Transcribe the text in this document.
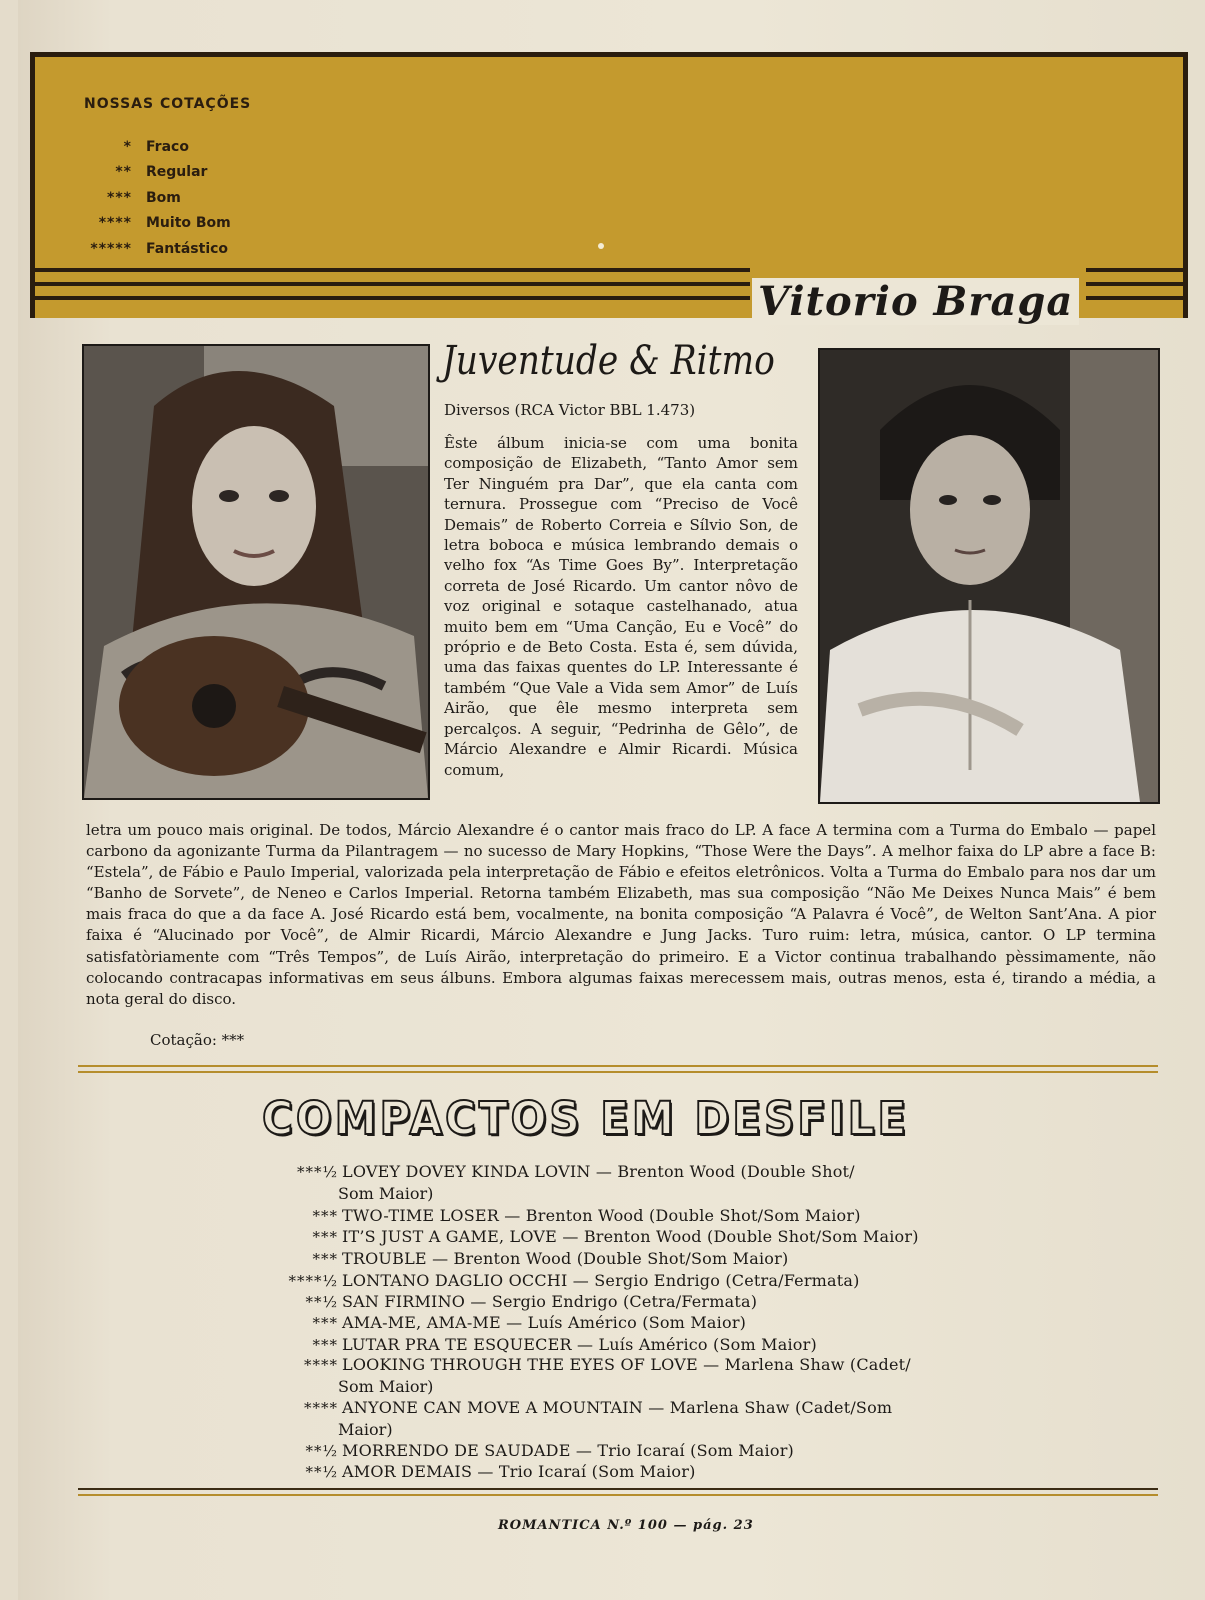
NOSSAS COTAÇÕES
* Fraco
** Regular
*** Bom
**** Muito Bom
***** Fantástico
Vitorio Braga
Juventude & Ritmo
Diversos (RCA Victor BBL 1.473)

Êste álbum inicia-se com uma bonita composição de Elizabeth, “Tanto Amor sem Ter Ninguém pra Dar”, que ela canta com ternura. Prossegue com “Preciso de Você Demais” de Roberto Correia e Sílvio Son, de letra boboca e música lembrando demais o velho fox “As Time Goes By”. Interpretação correta de José Ricardo. Um cantor nôvo de voz original e sotaque castelhanado, atua muito bem em “Uma Canção, Eu e Você” do próprio e de Beto Costa. Esta é, sem dúvida, uma das faixas quentes do LP. Interessante é também “Que Vale a Vida sem Amor” de Luís Airão, que êle mesmo interpreta sem percalços. A seguir, “Pedrinha de Gêlo”, de Márcio Alexandre e Almir Ricardi. Música comum,

letra um pouco mais original. De todos, Márcio Alexandre é o cantor mais fraco do LP. A face A termina com a Turma do Embalo — papel carbono da agonizante Turma da Pilantragem — no sucesso de Mary Hopkins, “Those Were the Days”. A melhor faixa do LP abre a face B: “Estela”, de Fábio e Paulo Imperial, valorizada pela interpretação de Fábio e efeitos eletrônicos. Volta a Turma do Embalo para nos dar um “Banho de Sorvete”, de Neneo e Carlos Imperial. Retorna também Elizabeth, mas sua composição “Não Me Deixes Nunca Mais” é bem mais fraca do que a da face A. José Ricardo está bem, vocalmente, na bonita composição “A Palavra é Você”, de Welton Sant’Ana. A pior faixa é “Alucinado por Você”, de Almir Ricardi, Márcio Alexandre e Jung Jacks. Turo ruim: letra, música, cantor. O LP termina satisfatòriamente com “Três Tempos”, de Luís Airão, interpretação do primeiro. E a Victor continua trabalhando pèssimamente, não colocando contracapas informativas em seus álbuns. Embora algumas faixas merecessem mais, outras menos, esta é, tirando a média, a nota geral do disco.

Cotação: ***
COMPACTOS EM DESFILE
***½ LOVEY DOVEY KINDA LOVIN — Brenton Wood (Double Shot/
Som Maior)
*** TWO-TIME LOSER — Brenton Wood (Double Shot/Som Maior)
*** IT’S JUST A GAME, LOVE — Brenton Wood (Double Shot/Som Maior)
*** TROUBLE — Brenton Wood (Double Shot/Som Maior)
****½ LONTANO DAGLIO OCCHI — Sergio Endrigo (Cetra/Fermata)
**½ SAN FIRMINO — Sergio Endrigo (Cetra/Fermata)
*** AMA-ME, AMA-ME — Luís Américo (Som Maior)
*** LUTAR PRA TE ESQUECER — Luís Américo (Som Maior)
**** LOOKING THROUGH THE EYES OF LOVE — Marlena Shaw (Cadet/
Som Maior)
**** ANYONE CAN MOVE A MOUNTAIN — Marlena Shaw (Cadet/Som
Maior)
**½ MORRENDO DE SAUDADE — Trio Icaraí (Som Maior)
**½ AMOR DEMAIS — Trio Icaraí (Som Maior)
ROMANTICA N.º 100 — pág. 23
